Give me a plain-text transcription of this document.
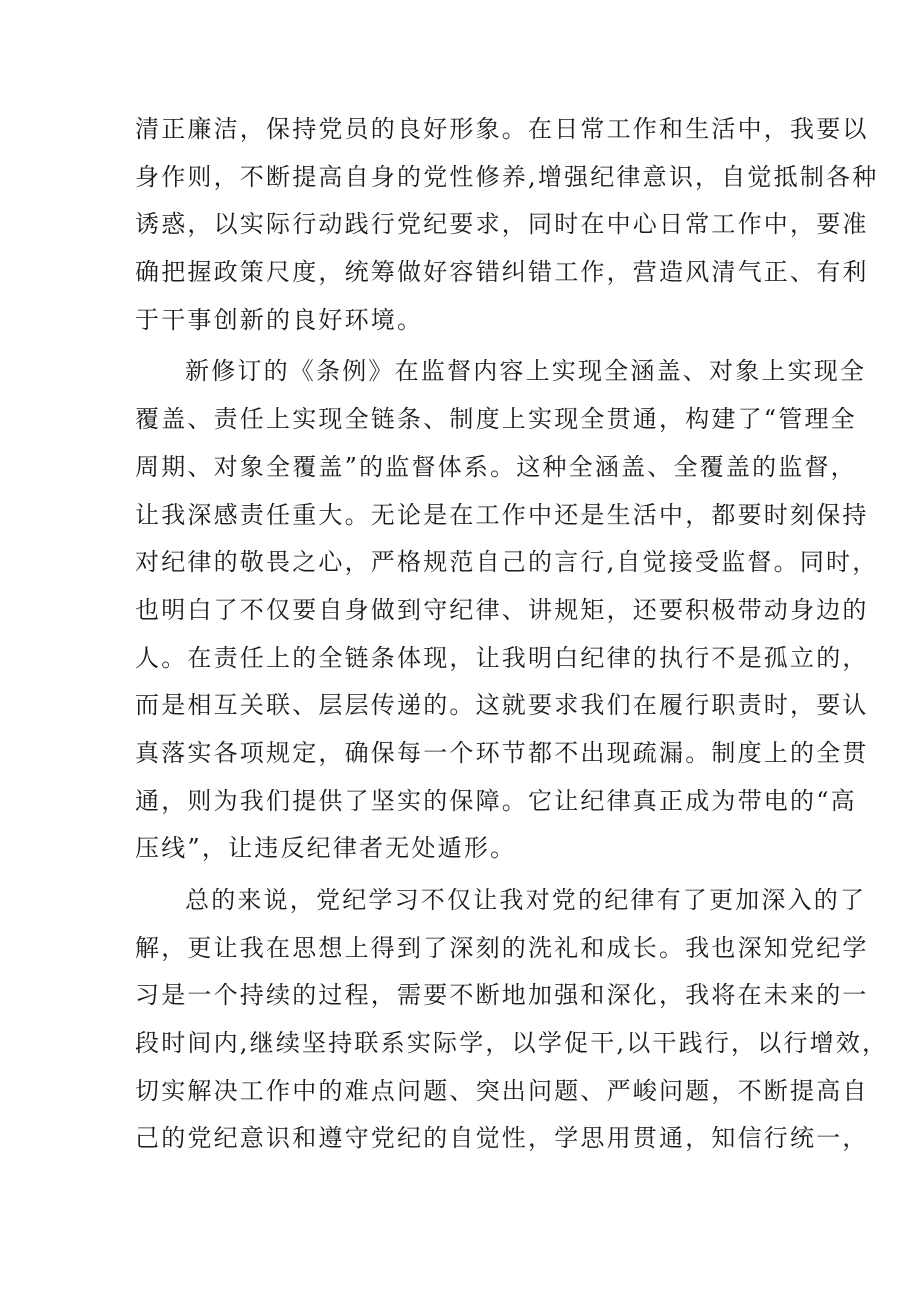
清正廉洁，保持党员的良好形象。在日常工作和生活中，我要以
身作则，不断提高自身的党性修养,增强纪律意识，自觉抵制各种
诱惑，以实际行动践行党纪要求，同时在中心日常工作中，要准
确把握政策尺度，统筹做好容错纠错工作，营造风清气正、有利
于干事创新的良好环境。
新修订的《条例》在监督内容上实现全涵盖、对象上实现全
覆盖、责任上实现全链条、制度上实现全贯通，构建了“管理全
周期、对象全覆盖”的监督体系。这种全涵盖、全覆盖的监督，
让我深感责任重大。无论是在工作中还是生活中，都要时刻保持
对纪律的敬畏之心，严格规范自己的言行,自觉接受监督。同时，
也明白了不仅要自身做到守纪律、讲规矩，还要积极带动身边的
人。在责任上的全链条体现，让我明白纪律的执行不是孤立的，
而是相互关联、层层传递的。这就要求我们在履行职责时，要认
真落实各项规定，确保每一个环节都不出现疏漏。制度上的全贯
通，则为我们提供了坚实的保障。它让纪律真正成为带电的“高
压线”，让违反纪律者无处遁形。
总的来说，党纪学习不仅让我对党的纪律有了更加深入的了
解，更让我在思想上得到了深刻的洗礼和成长。我也深知党纪学
习是一个持续的过程，需要不断地加强和深化，我将在未来的一
段时间内,继续坚持联系实际学，以学促干,以干践行，以行增效，
切实解决工作中的难点问题、突出问题、严峻问题，不断提高自
己的党纪意识和遵守党纪的自觉性，学思用贯通，知信行统一，
